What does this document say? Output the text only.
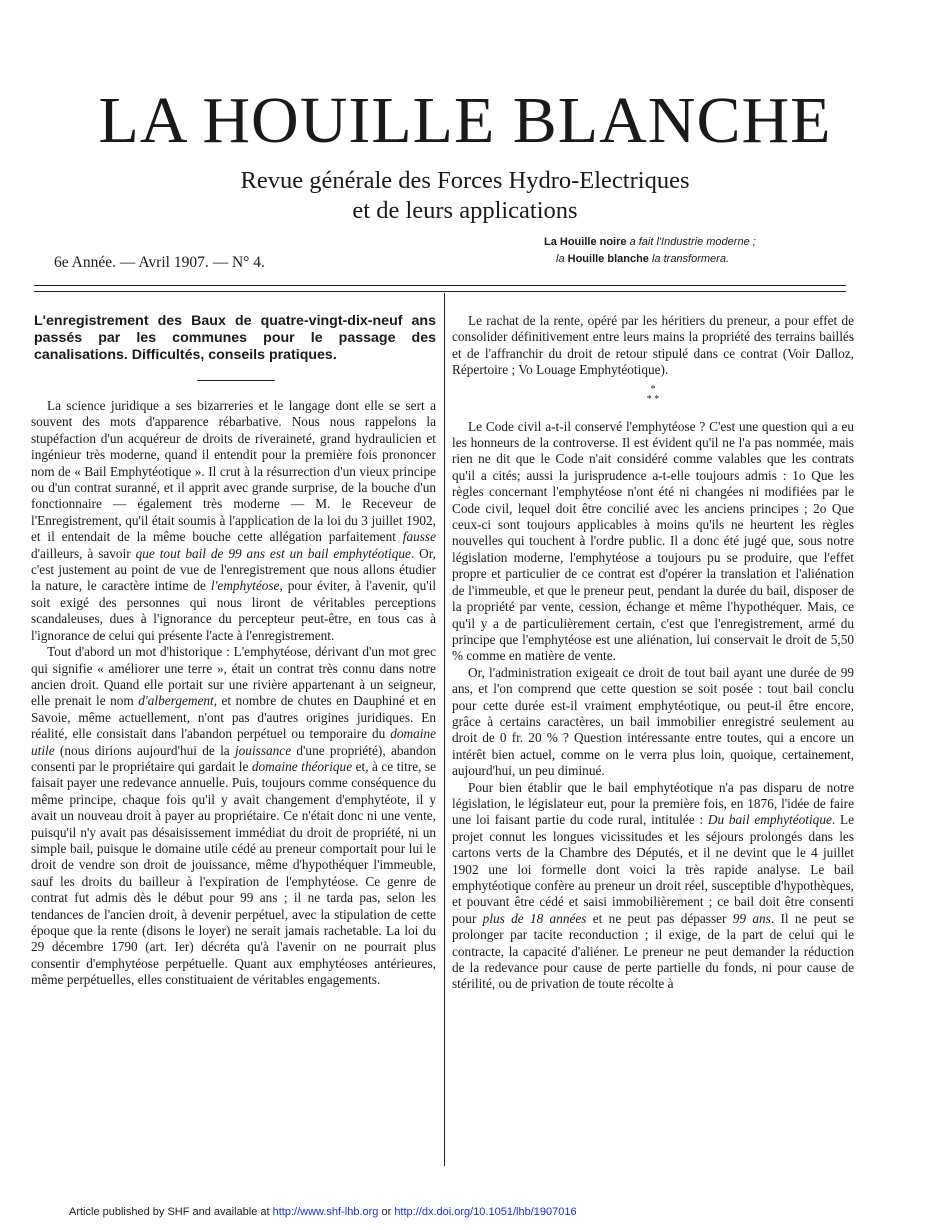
LA HOUILLE BLANCHE
Revue générale des Forces Hydro-Electriques
et de leurs applications
6e Année. — Avril 1907. — N° 4.
La Houille noire a fait l'Industrie moderne ;
la Houille blanche la transformera.
L'enregistrement des Baux de quatre-vingt-dix-neuf ans passés par les communes pour le passage des canalisations. Difficultés, conseils pratiques.

La science juridique a ses bizarreries et le langage dont elle se sert a souvent des mots d'apparence rébarbative. Nous nous rappelons la stupéfaction d'un acquéreur de droits de riveraineté, grand hydraulicien et ingénieur très moderne, quand il entendit pour la première fois prononcer nom de « Bail Emphytéotique ». Il crut à la résurrection d'un vieux principe ou d'un contrat suranné, et il apprit avec grande surprise, de la bouche d'un fonctionnaire — également très moderne — M. le Receveur de l'Enregistrement, qu'il était soumis à l'application de la loi du 3 juillet 1902, et il entendait de la même bouche cette allégation parfaitement fausse d'ailleurs, à savoir que tout bail de 99 ans est un bail emphytéotique. Or, c'est justement au point de vue de l'enregistrement que nous allons étudier la nature, le caractère intime de l'emphytéose, pour éviter, à l'avenir, qu'il soit exigé des personnes qui nous liront de véritables perceptions scandaleuses, dues à l'ignorance du percepteur peut-être, en tous cas à l'ignorance de celui qui présente l'acte à l'enregistrement.

Tout d'abord un mot d'historique : L'emphytéose, dérivant d'un mot grec qui signifie « améliorer une terre », était un contrat très connu dans notre ancien droit. Quand elle portait sur une rivière appartenant à un seigneur, elle prenait le nom d'albergement, et nombre de chutes en Dauphiné et en Savoie, même actuellement, n'ont pas d'autres origines juridiques. En réalité, elle consistait dans l'abandon perpétuel ou temporaire du domaine utile (nous dirions aujourd'hui de la jouissance d'une propriété), abandon consenti par le propriétaire qui gardait le domaine théorique et, à ce titre, se faisait payer une redevance annuelle. Puis, toujours comme conséquence du même principe, chaque fois qu'il y avait changement d'emphytéote, il y avait un nouveau droit à payer au propriétaire. Ce n'était donc ni une vente, puisqu'il n'y avait pas désaisissement immédiat du droit de propriété, ni un simple bail, puisque le domaine utile cédé au preneur comportait pour lui le droit de vendre son droit de jouissance, même d'hypothéquer l'immeuble, sauf les droits du bailleur à l'expiration de l'emphytéose. Ce genre de contrat fut admis dès le début pour 99 ans ; il ne tarda pas, selon les tendances de l'ancien droit, à devenir perpétuel, avec la stipulation de cette époque que la rente (disons le loyer) ne serait jamais rachetable. La loi du 29 décembre 1790 (art. Ier) décréta qu'à l'avenir on ne pourrait plus consentir d'emphytéose perpétuelle. Quant aux emphytéoses antérieures, même perpétuelles, elles constituaient de véritables engagements.

Le rachat de la rente, opéré par les héritiers du preneur, a pour effet de consolider définitivement entre leurs mains la propriété des terrains baillés et de l'affranchir du droit de retour stipulé dans ce contrat (Voir Dalloz, Répertoire ; Vo Louage Emphytéotique).

*
* *

Le Code civil a-t-il conservé l'emphytéose ? C'est une question qui a eu les honneurs de la controverse. Il est évident qu'il ne l'a pas nommée, mais rien ne dit que le Code n'ait considéré comme valables que les contrats qu'il a cités; aussi la jurisprudence a-t-elle toujours admis : 1o Que les règles concernant l'emphytéose n'ont été ni changées ni modifiées par le Code civil, lequel doit être concilié avec les anciens principes ; 2o Que ceux-ci sont toujours applicables à moins qu'ils ne heurtent les règles nouvelles qui touchent à l'ordre public. Il a donc été jugé que, sous notre législation moderne, l'emphytéose a toujours pu se produire, que l'effet propre et particulier de ce contrat est d'opérer la translation et l'aliénation de l'immeuble, et que le preneur peut, pendant la durée du bail, disposer de la propriété par vente, cession, échange et même l'hypothéquer. Mais, ce qu'il y a de particulièrement certain, c'est que l'enregistrement, armé du principe que l'emphytéose est une aliénation, lui conservait le droit de 5,50 % comme en matière de vente.

Or, l'administration exigeait ce droit de tout bail ayant une durée de 99 ans, et l'on comprend que cette question se soit posée : tout bail conclu pour cette durée est-il vraiment emphytéotique, ou peut-il être encore, grâce à certains caractères, un bail immobilier enregistré seulement au droit de 0 fr. 20 % ? Question intéressante entre toutes, qui a encore un intérêt bien actuel, comme on le verra plus loin, quoique, certainement, aujourd'hui, un peu diminué.

Pour bien établir que le bail emphytéotique n'a pas disparu de notre législation, le législateur eut, pour la première fois, en 1876, l'idée de faire une loi faisant partie du code rural, intitulée : Du bail emphytéotique. Le projet connut les longues vicissitudes et les séjours prolongés dans les cartons verts de la Chambre des Députés, et il ne devint que le 4 juillet 1902 une loi formelle dont voici la très rapide analyse. Le bail emphytéotique confère au preneur un droit réel, susceptible d'hypothèques, et pouvant être cédé et saisi immobilièrement ; ce bail doit être consenti pour plus de 18 années et ne peut pas dépasser 99 ans. Il ne peut se prolonger par tacite reconduction ; il exige, de la part de celui qui le contracte, la capacité d'aliéner. Le preneur ne peut demander la réduction de la redevance pour cause de perte partielle du fonds, ni pour cause de stérilité, ou de privation de toute récolte à

Article published by SHF and available at http://www.shf-lhb.org or http://dx.doi.org/10.1051/lhb/1907016
